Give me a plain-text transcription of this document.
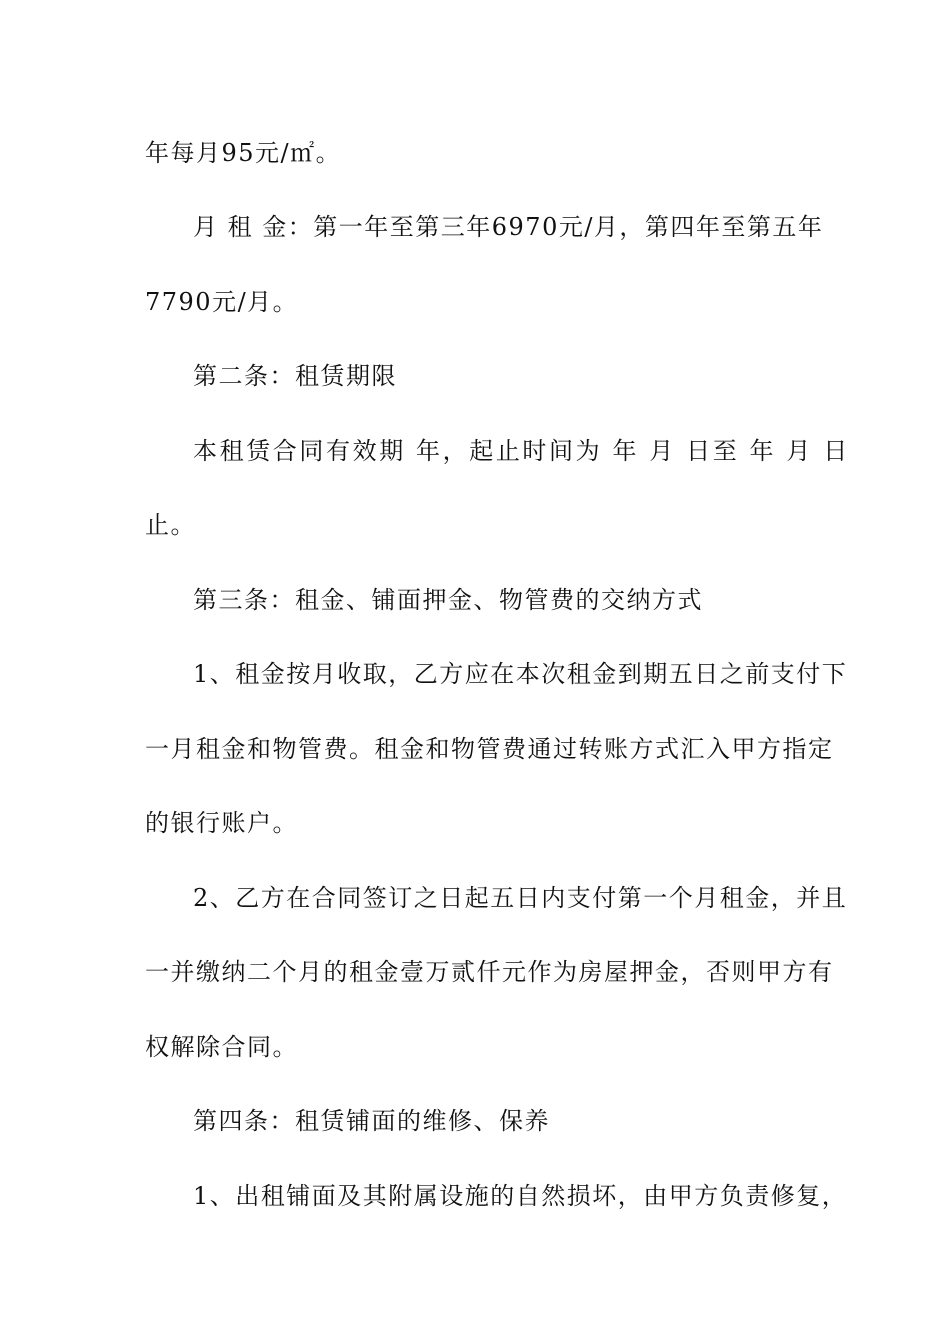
年每月95元/㎡。
月 租 金：第一年至第三年6970元/月，第四年至第五年
7790元/月。
第二条：租赁期限
本租赁合同有效期 年，起止时间为 年 月 日至 年 月 日
止。
第三条：租金、铺面押金、物管费的交纳方式
1、租金按月收取，乙方应在本次租金到期五日之前支付下
一月租金和物管费。租金和物管费通过转账方式汇入甲方指定
的银行账户。
2、乙方在合同签订之日起五日内支付第一个月租金，并且
一并缴纳二个月的租金壹万贰仟元作为房屋押金，否则甲方有
权解除合同。
第四条：租赁铺面的维修、保养
1、出租铺面及其附属设施的自然损坏，由甲方负责修复，
